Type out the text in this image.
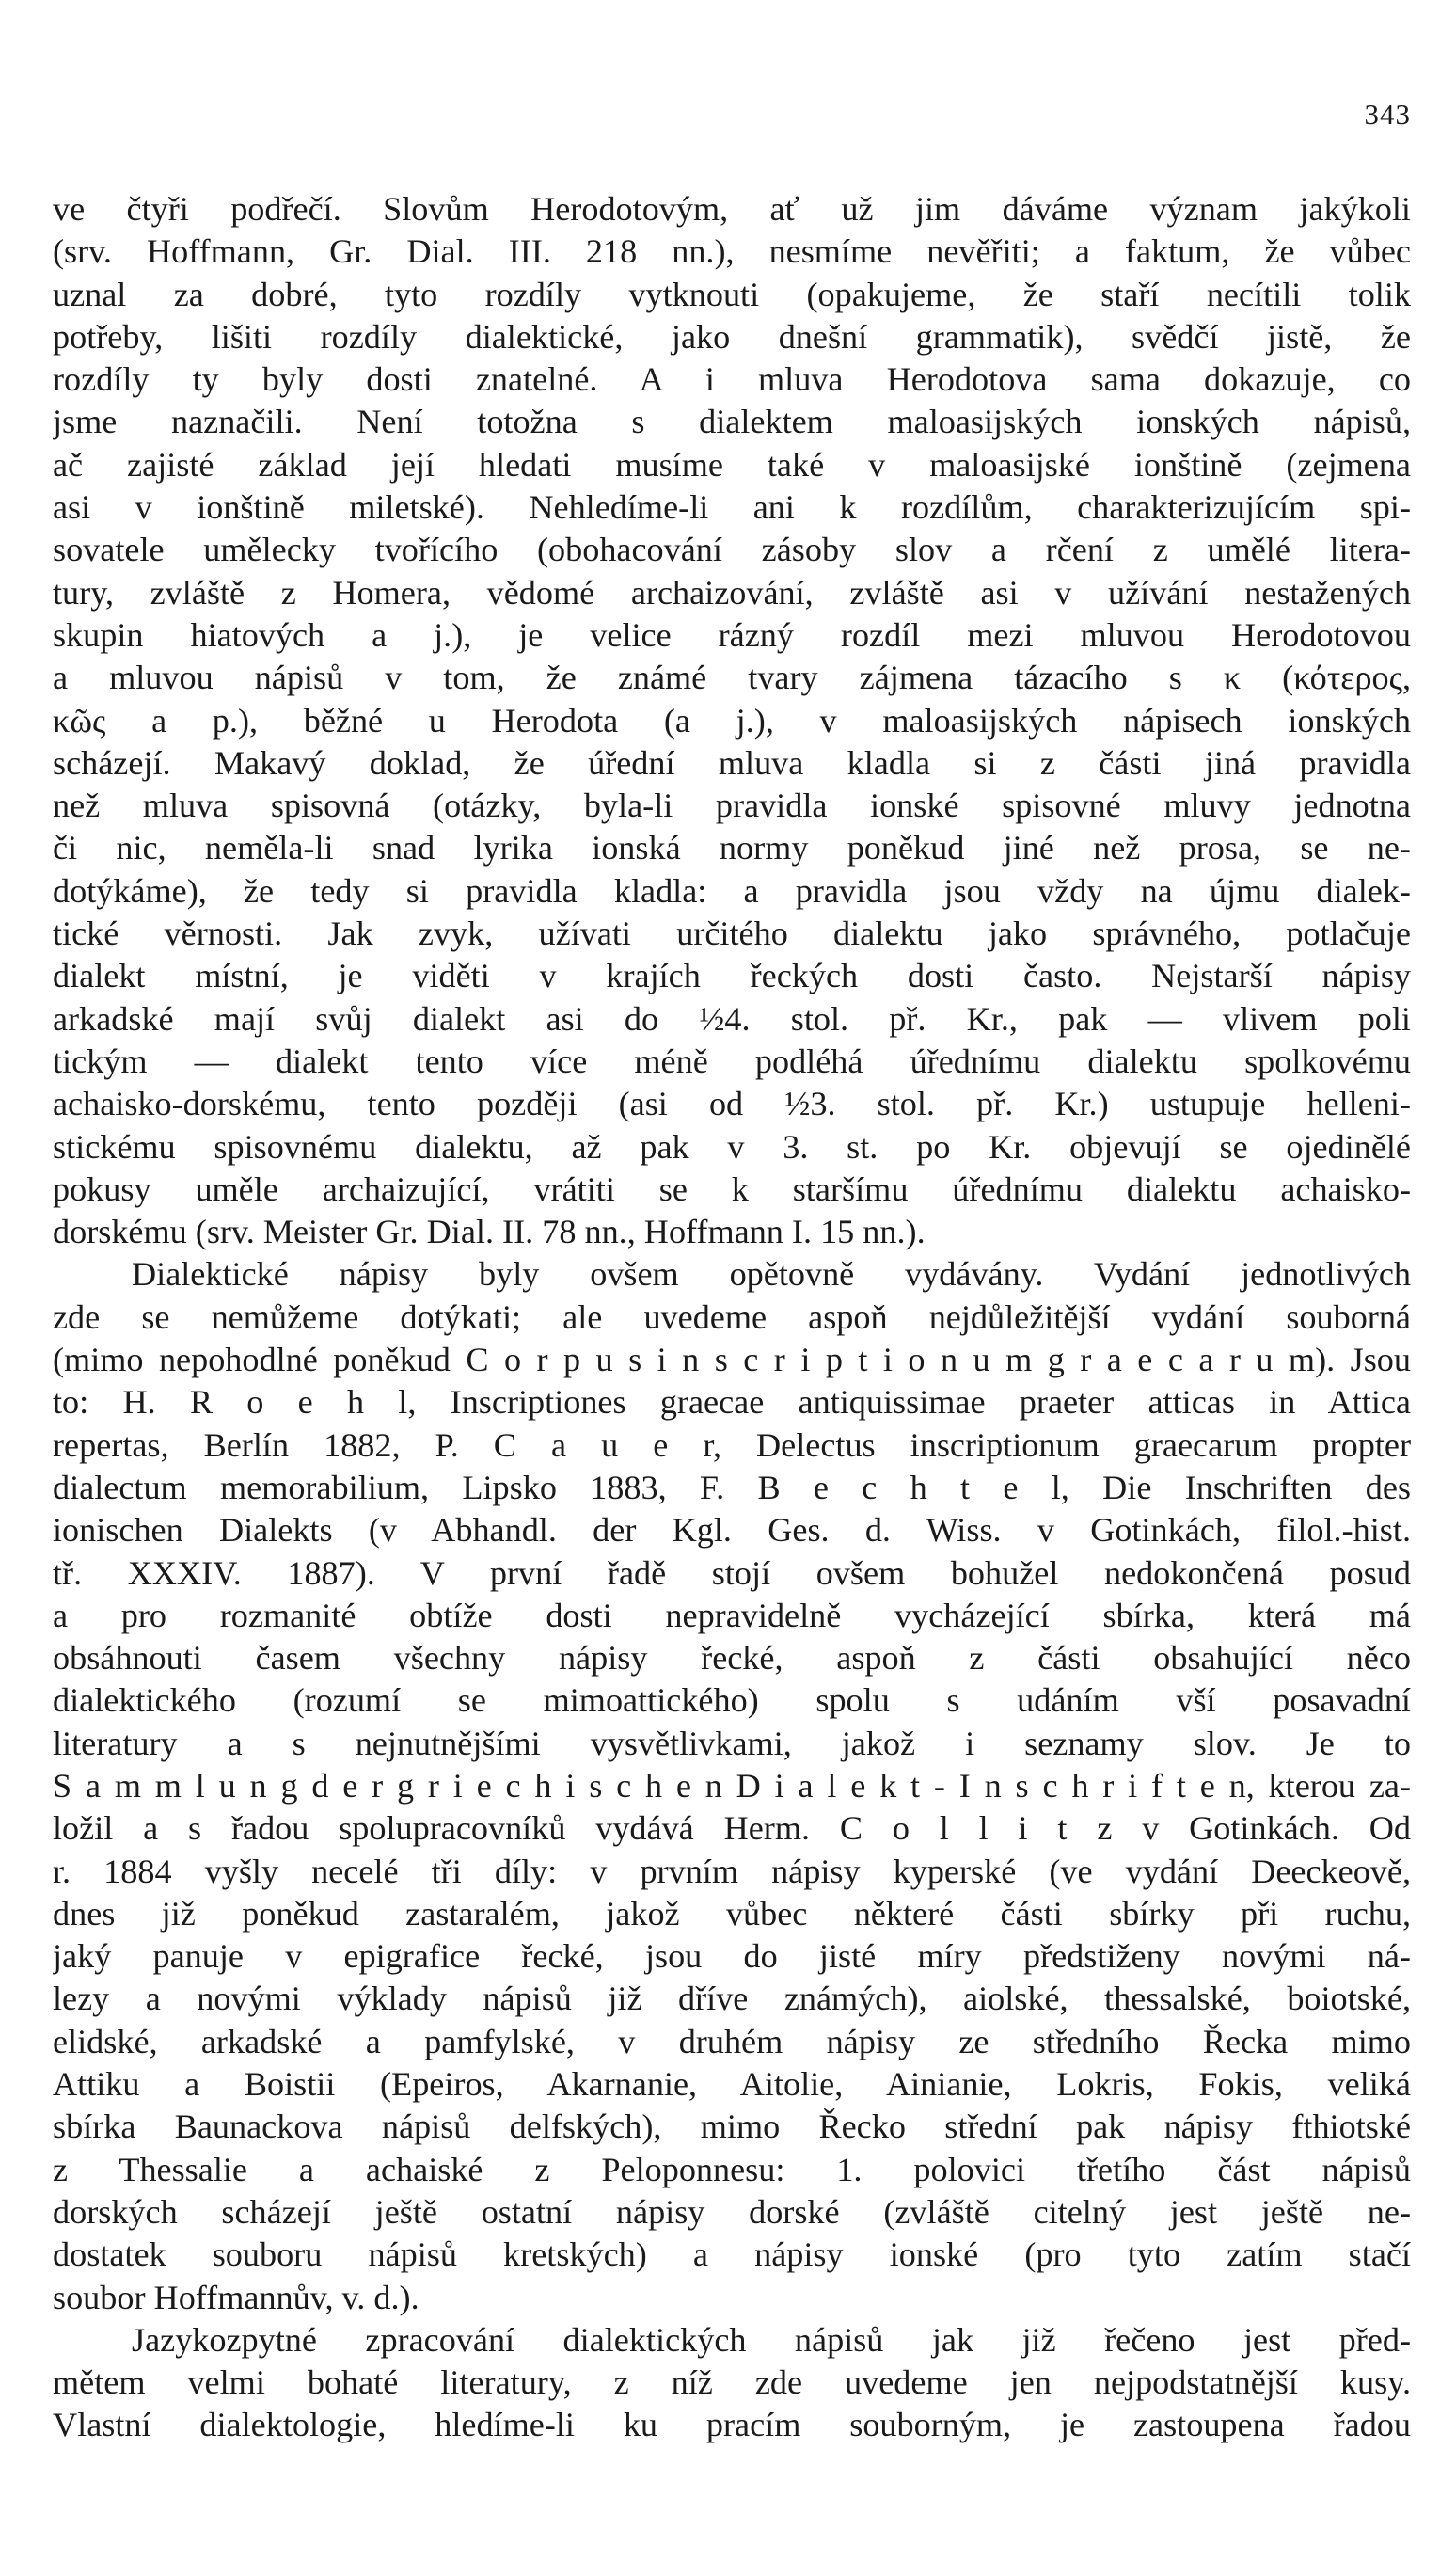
343
ve čtyři podřečí. Slovům Herodotovým, ať už jim dáváme význam jakýkoli
(srv. Hoffmann, Gr. Dial. III. 218 nn.), nesmíme nevěřiti; a faktum, že vůbec
uznal za dobré, tyto rozdíly vytknouti (opakujeme, že staří necítili tolik
potřeby, lišiti rozdíly dialektické, jako dnešní grammatik), svědčí jistě, že
rozdíly ty byly dosti znatelné. A i mluva Herodotova sama dokazuje, co
jsme naznačili. Není totožna s dialektem maloasijských ionských nápisů,
ač zajisté základ její hledati musíme také v maloasijské ionštině (zejmena
asi v ionštině miletské). Nehledíme-li ani k rozdílům, charakterizujícím spi-
sovatele umělecky tvořícího (obohacování zásoby slov a rčení z umělé litera-
tury, zvláště z Homera, vědomé archaizování, zvláště asi v užívání nestažených
skupin hiatových a j.), je velice rázný rozdíl mezi mluvou Herodotovou
a mluvou nápisů v tom, že známé tvary zájmena tázacího s κ (κότερος,
κῶς a p.), běžné u Herodota (a j.), v maloasijských nápisech ionských
scházejí. Makavý doklad, že úřední mluva kladla si z části jiná pravidla
než mluva spisovná (otázky, byla-li pravidla ionské spisovné mluvy jednotna
či nic, neměla-li snad lyrika ionská normy poněkud jiné než prosa, se ne-
dotýkáme), že tedy si pravidla kladla: a pravidla jsou vždy na újmu dialek-
tické věrnosti. Jak zvyk, užívati určitého dialektu jako správného, potlačuje
dialekt místní, je viděti v krajích řeckých dosti často. Nejstarší nápisy
arkadské mají svůj dialekt asi do ½4. stol. př. Kr., pak — vlivem poli
tickým — dialekt tento více méně podléhá úřednímu dialektu spolkovému
achaisko-dorskému, tento později (asi od ½3. stol. př. Kr.) ustupuje helleni-
stickému spisovnému dialektu, až pak v 3. st. po Kr. objevují se ojedinělé
pokusy uměle archaizující, vrátiti se k staršímu úřednímu dialektu achaisko-
dorskému (srv. Meister Gr. Dial. II. 78 nn., Hoffmann I. 15 nn.).
Dialektické nápisy byly ovšem opětovně vydávány. Vydání jednotlivých
zde se nemůžeme dotýkati; ale uvedeme aspoň nejdůležitější vydání souborná
(mimo nepohodlné poněkud C o r p u s i n s c r i p t i o n u m g r a e c a r u m). Jsou
to: H. R o e h l, Inscriptiones graecae antiquissimae praeter atticas in Attica
repertas, Berlín 1882, P. C a u e r, Delectus inscriptionum graecarum propter
dialectum memorabilium, Lipsko 1883, F. B e c h t e l, Die Inschriften des
ionischen Dialekts (v Abhandl. der Kgl. Ges. d. Wiss. v Gotinkách, filol.-hist.
tř. XXXIV. 1887). V první řadě stojí ovšem bohužel nedokončená posud
a pro rozmanité obtíže dosti nepravidelně vycházející sbírka, která má
obsáhnouti časem všechny nápisy řecké, aspoň z části obsahující něco
dialektického (rozumí se mimoattického) spolu s udáním vší posavadní
literatury a s nejnutnějšími vysvětlivkami, jakož i seznamy slov. Je to
S a m m l u n g d e r g r i e c h i s c h e n D i a l e k t - I n s c h r i f t e n, kterou za-
ložil a s řadou spolupracovníků vydává Herm. C o l l i t z v Gotinkách. Od
r. 1884 vyšly necelé tři díly: v prvním nápisy kyperské (ve vydání Deeckeově,
dnes již poněkud zastaralém, jakož vůbec některé části sbírky při ruchu,
jaký panuje v epigrafice řecké, jsou do jisté míry předstiženy novými ná-
lezy a novými výklady nápisů již dříve známých), aiolské, thessalské, boiotské,
elidské, arkadské a pamfylské, v druhém nápisy ze středního Řecka mimo
Attiku a Boistii (Epeiros, Akarnanie, Aitolie, Ainianie, Lokris, Fokis, veliká
sbírka Baunackova nápisů delfských), mimo Řecko střední pak nápisy fthiotské
z Thessalie a achaiské z Peloponnesu: 1. polovici třetího část nápisů
dorských scházejí ještě ostatní nápisy dorské (zvláště citelný jest ještě ne-
dostatek souboru nápisů kretských) a nápisy ionské (pro tyto zatím stačí
soubor Hoffmannův, v. d.).
Jazykozpytné zpracování dialektických nápisů jak již řečeno jest před-
mětem velmi bohaté literatury, z níž zde uvedeme jen nejpodstatnější kusy.
Vlastní dialektologie, hledíme-li ku pracím souborným, je zastoupena řadou
